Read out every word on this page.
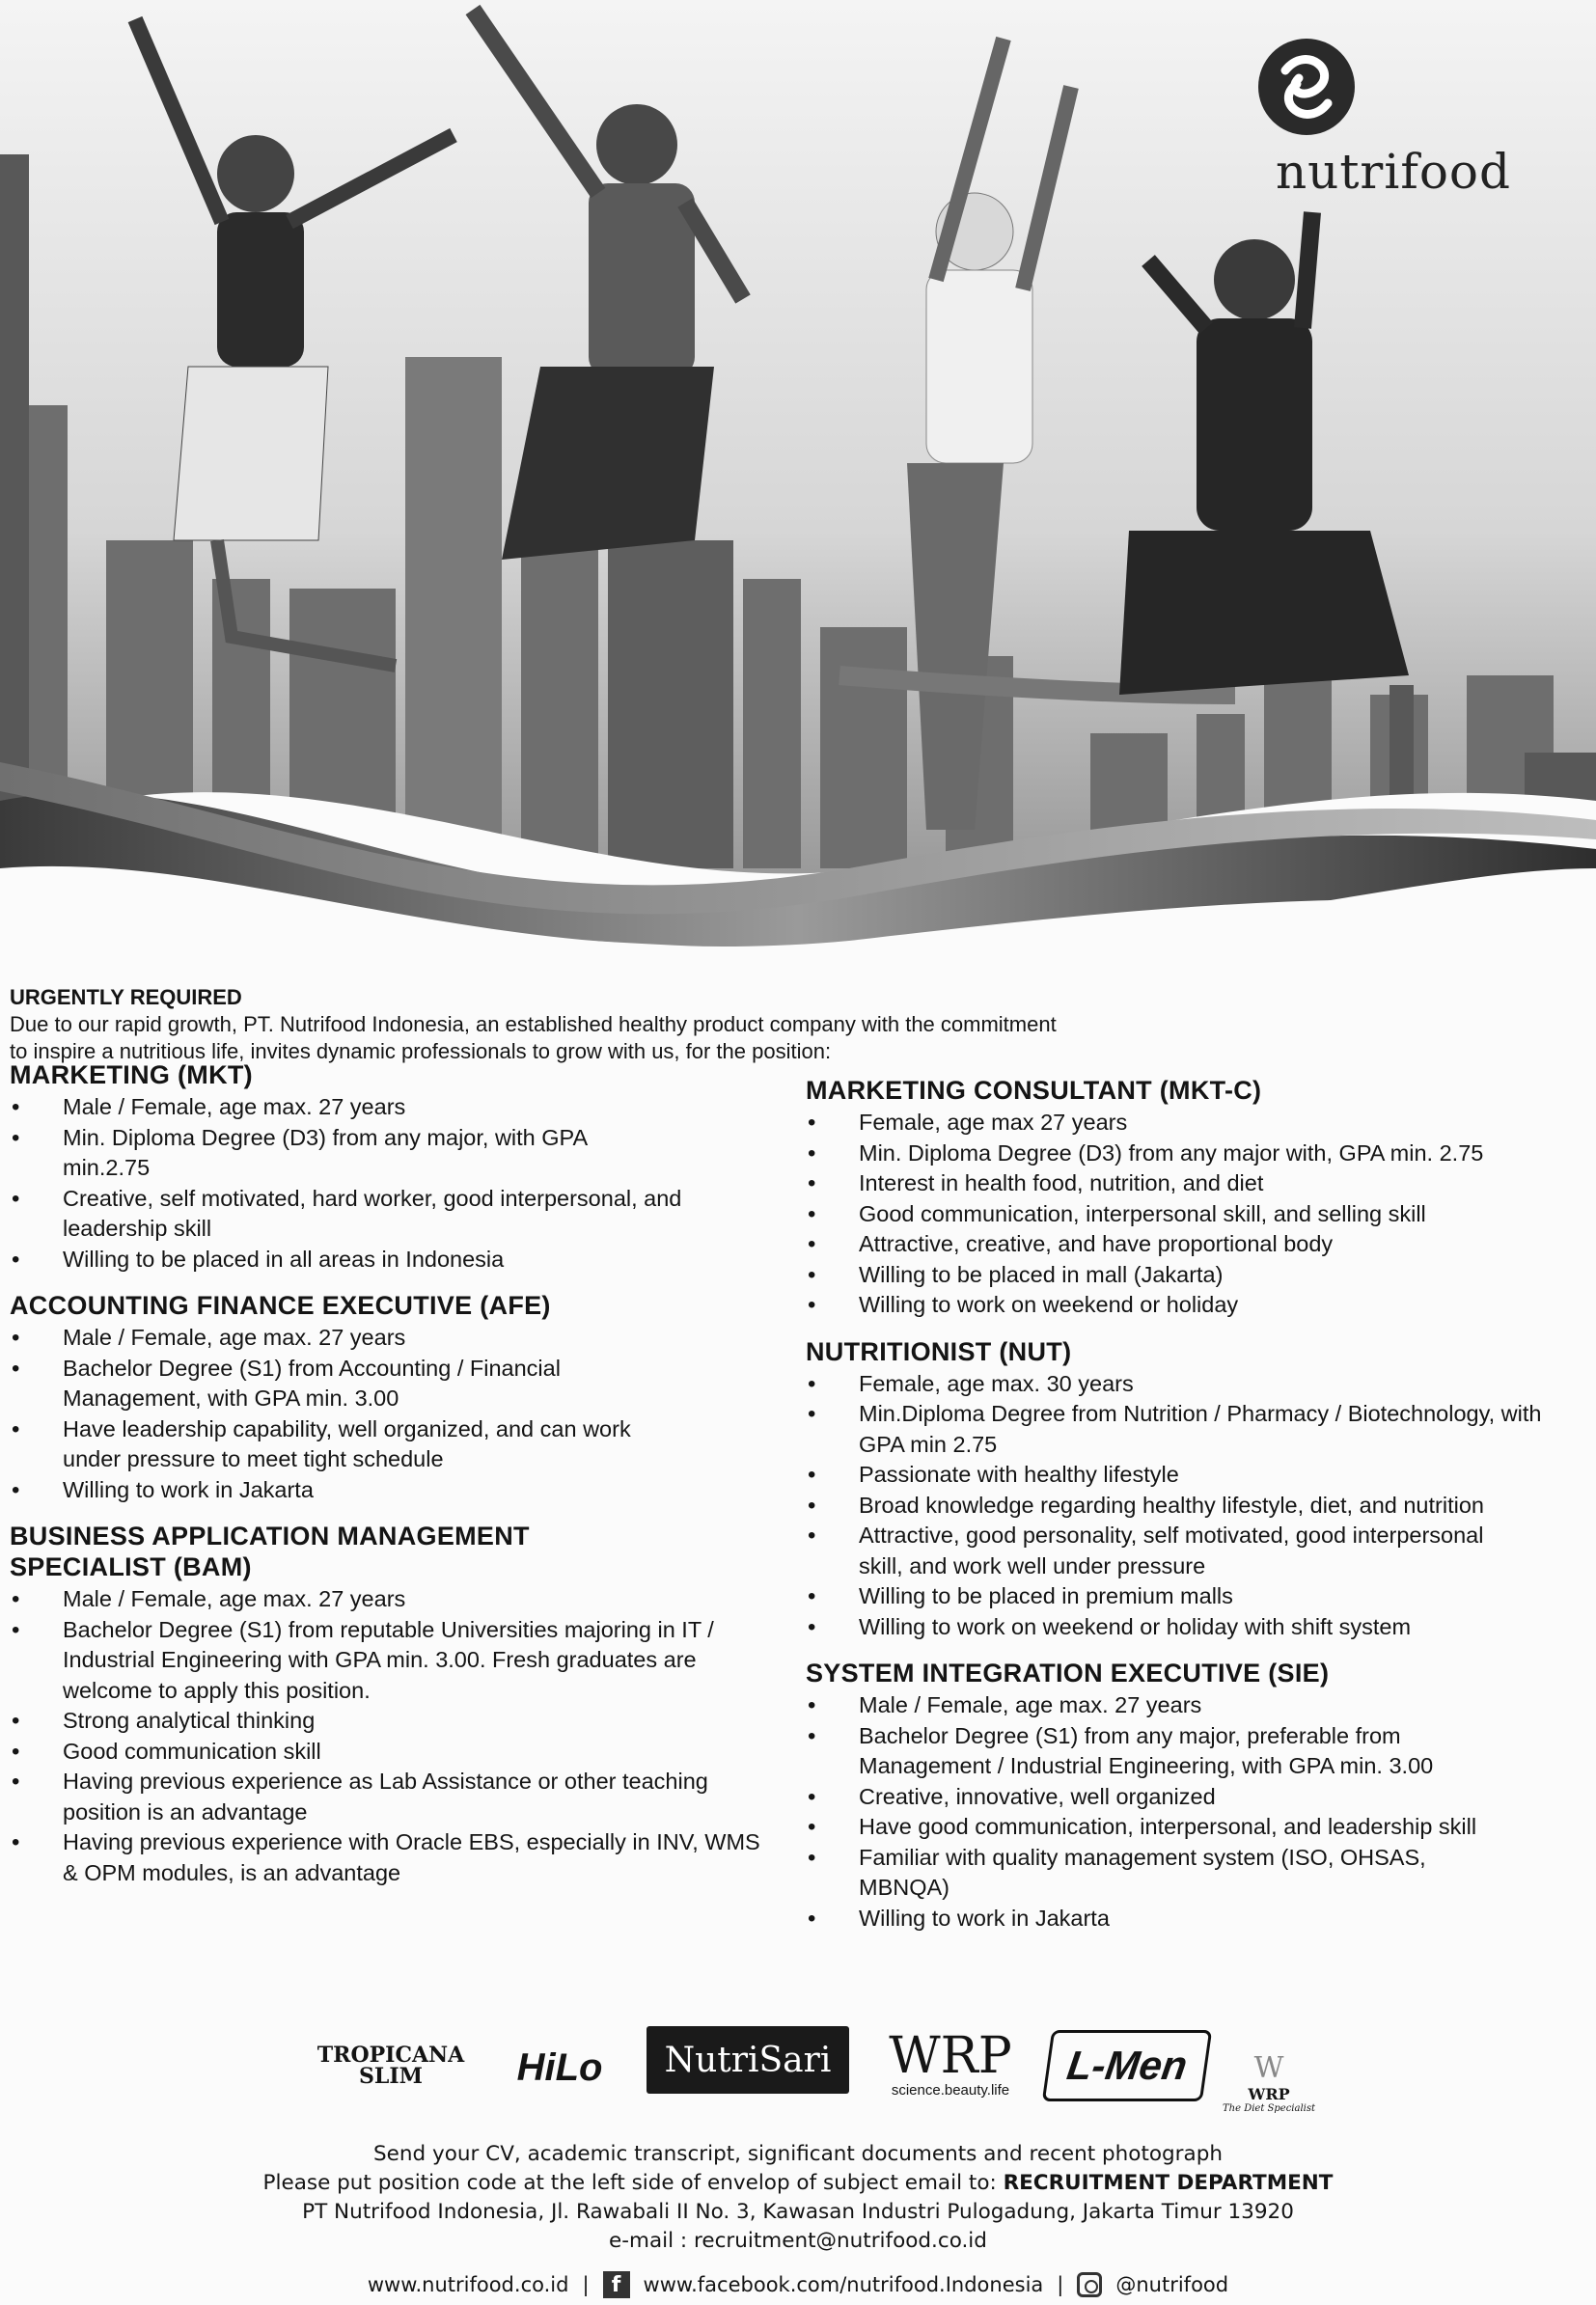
nutrifood
URGENTLY REQUIRED
Due to our rapid growth, PT. Nutrifood Indonesia, an established healthy product company with the commitment
to inspire a nutritious life, invites dynamic professionals to grow with us, for the position:
MARKETING (MKT)
• Male / Female, age max. 27 years
• Min. Diploma Degree (D3) from any major, with GPA min.2.75
• Creative, self motivated, hard worker, good interpersonal, and leadership skill
• Willing to be placed in all areas in Indonesia
ACCOUNTING FINANCE EXECUTIVE (AFE)
• Male / Female, age max. 27 years
• Bachelor Degree (S1) from Accounting / Financial Management, with GPA min. 3.00
• Have leadership capability, well organized, and can work under pressure to meet tight schedule
• Willing to work in Jakarta
BUSINESS APPLICATION MANAGEMENT SPECIALIST (BAM)
• Male / Female, age max. 27 years
• Bachelor Degree (S1) from reputable Universities majoring in IT / Industrial Engineering with GPA min. 3.00. Fresh graduates are welcome to apply this position.
• Strong analytical thinking
• Good communication skill
• Having previous experience as Lab Assistance or other teaching position is an advantage
• Having previous experience with Oracle EBS, especially in INV, WMS & OPM modules, is an advantage
MARKETING CONSULTANT (MKT-C)
• Female, age max 27 years
• Min. Diploma Degree (D3) from any major with, GPA min. 2.75
• Interest in health food, nutrition, and diet
• Good communication, interpersonal skill, and selling skill
• Attractive, creative, and have proportional body
• Willing to be placed in mall (Jakarta)
• Willing to work on weekend or holiday
NUTRITIONIST (NUT)
• Female, age max. 30 years
• Min.Diploma Degree from Nutrition / Pharmacy / Biotechnology, with GPA min 2.75
• Passionate with healthy lifestyle
• Broad knowledge regarding healthy lifestyle, diet, and nutrition
• Attractive, good personality, self motivated, good interpersonal skill, and work well under pressure
• Willing to be placed in premium malls
• Willing to work on weekend or holiday with shift system
SYSTEM INTEGRATION EXECUTIVE (SIE)
• Male / Female, age max. 27 years
• Bachelor Degree (S1) from any major, preferable from Management / Industrial Engineering, with GPA min. 3.00
• Creative, innovative, well organized
• Have good communication, interpersonal, and leadership skill
• Familiar with quality management system (ISO, OHSAS, MBNQA)
• Willing to work in Jakarta
TROPICANA
SLIM HiLo	NutriSari	WRP
science.beauty.life
L-Men	W
WRP
The Diet Specialist
Send your CV, academic transcript, significant documents and recent photograph
Please put position code at the left side of envelop of subject email to: RECRUITMENT DEPARTMENT
PT Nutrifood Indonesia, Jl. Rawabali II No. 3, Kawasan Industri Pulogadung, Jakarta Timur 13920
e-mail : recruitment@nutrifood.co.id
www.nutrifood.co.id |	f	www.facebook.com/nutrifood.Indonesia |	@nutrifood
